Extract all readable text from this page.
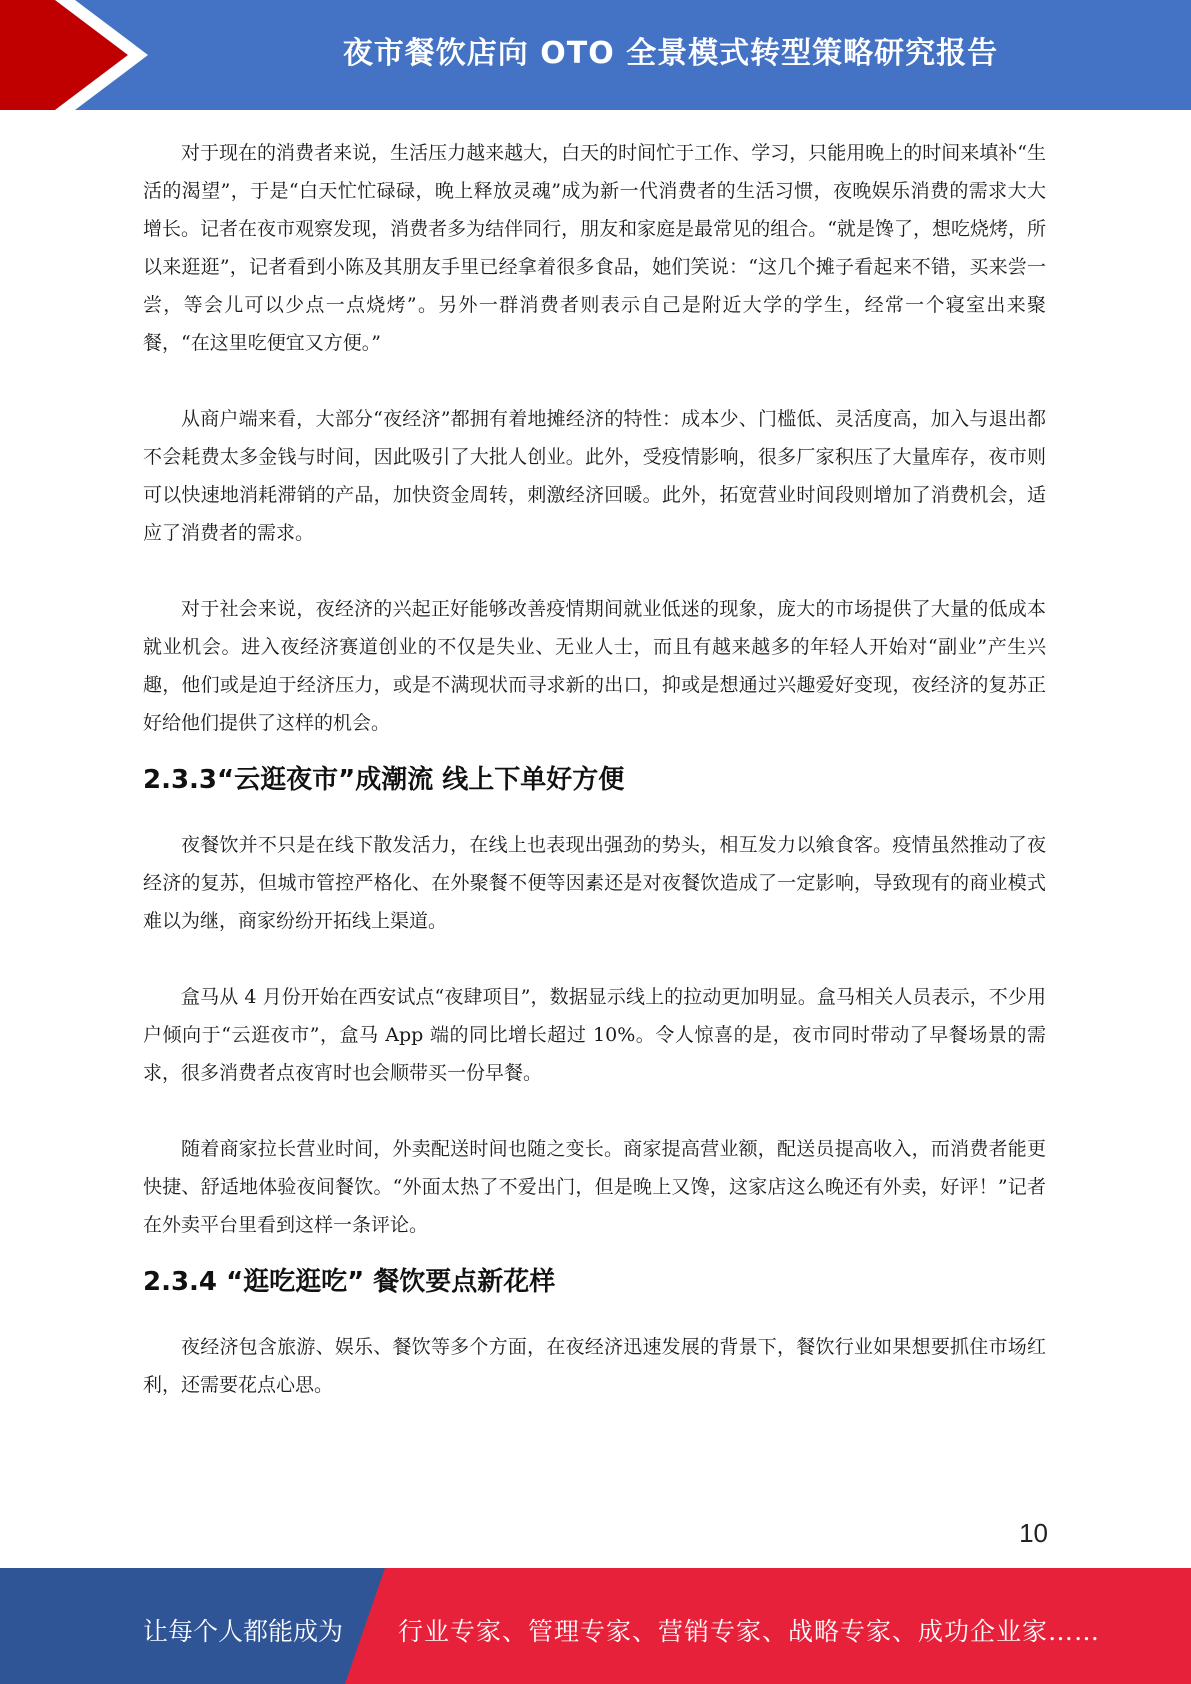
夜市餐饮店向 OTO 全景模式转型策略研究报告

对于现在的消费者来说，生活压力越来越大，白天的时间忙于工作、学习，只能用晚上的时间来填补“生活的渴望”，于是“白天忙忙碌碌，晚上释放灵魂”成为新一代消费者的生活习惯，夜晚娱乐消费的需求大大增长。记者在夜市观察发现，消费者多为结伴同行，朋友和家庭是最常见的组合。“就是馋了，想吃烧烤，所以来逛逛”，记者看到小陈及其朋友手里已经拿着很多食品，她们笑说：“这几个摊子看起来不错，买来尝一尝，等会儿可以少点一点烧烤”。另外一群消费者则表示自己是附近大学的学生，经常一个寝室出来聚餐，“在这里吃便宜又方便。”

从商户端来看，大部分“夜经济”都拥有着地摊经济的特性：成本少、门槛低、灵活度高，加入与退出都不会耗费太多金钱与时间，因此吸引了大批人创业。此外，受疫情影响，很多厂家积压了大量库存，夜市则可以快速地消耗滞销的产品，加快资金周转，刺激经济回暖。此外，拓宽营业时间段则增加了消费机会，适应了消费者的需求。

对于社会来说，夜经济的兴起正好能够改善疫情期间就业低迷的现象，庞大的市场提供了大量的低成本就业机会。进入夜经济赛道创业的不仅是失业、无业人士，而且有越来越多的年轻人开始对“副业”产生兴趣，他们或是迫于经济压力，或是不满现状而寻求新的出口，抑或是想通过兴趣爱好变现，夜经济的复苏正好给他们提供了这样的机会。

2.3.3“云逛夜市”成潮流 线上下单好方便

夜餐饮并不只是在线下散发活力，在线上也表现出强劲的势头，相互发力以飨食客。疫情虽然推动了夜经济的复苏，但城市管控严格化、在外聚餐不便等因素还是对夜餐饮造成了一定影响，导致现有的商业模式难以为继，商家纷纷开拓线上渠道。

盒马从 4 月份开始在西安试点“夜肆项目”，数据显示线上的拉动更加明显。盒马相关人员表示，不少用户倾向于“云逛夜市”，盒马 App 端的同比增长超过 10%。令人惊喜的是，夜市同时带动了早餐场景的需求，很多消费者点夜宵时也会顺带买一份早餐。

随着商家拉长营业时间，外卖配送时间也随之变长。商家提高营业额，配送员提高收入，而消费者能更快捷、舒适地体验夜间餐饮。“外面太热了不爱出门，但是晚上又馋，这家店这么晚还有外卖，好评！”记者在外卖平台里看到这样一条评论。

2.3.4 “逛吃逛吃” 餐饮要点新花样

夜经济包含旅游、娱乐、餐饮等多个方面，在夜经济迅速发展的背景下，餐饮行业如果想要抓住市场红利，还需要花点心思。

10
让每个人都能成为 行业专家、管理专家、营销专家、战略专家、成功企业家……
